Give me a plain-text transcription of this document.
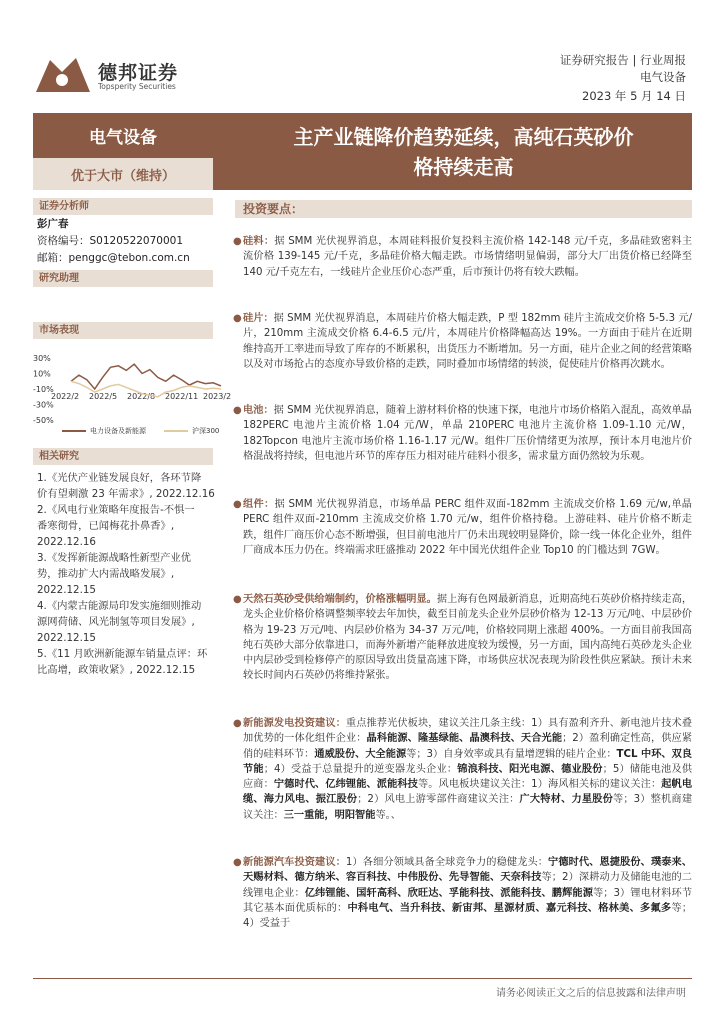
德邦证券
Topsperity Securities
证券研究报告 | 行业周报
电气设备
2023 年 5 月 14 日
电气设备
优于大市（维持）
主产业链降价趋势延续，高纯石英砂价
格持续走高
证券分析师
彭广春
资格编号：S0120522070001
邮箱：penggc@tebon.com.cn
研究助理
市场表现
30%
10%
-10%
-30%
-50%
2022/2 2022/5 2022/8 2022/11 2023/2
电力设备及新能源	沪深300
相关研究
1.《光伏产业链发展良好，各环节降
价有望刺激 23 年需求》, 2022.12.16
2.《风电行业策略年度报告-不惧一
番寒彻骨，已闻梅花扑鼻香》,
2022.12.16
3.《发挥新能源战略性新型产业优
势，推动扩大内需战略发展》,
2022.12.15
4.《内蒙古能源局印发实施细则推动
源网荷储、风光制氢等项目发展》,
2022.12.15
5.《11 月欧洲新能源车销量点评：环
比高增，政策收紧》, 2022.12.15
投资要点：
● 硅料：据 SMM 光伏视界消息，本周硅料报价复投料主流价格 142-148 元/千克，多晶硅致密料主流价格 139-145 元/千克，多晶硅价格大幅走跌。市场情绪明显偏弱，部分大厂出货价格已经降至 140 元/千克左右，一线硅片企业压价心态严重，后市预计仍将有较大跌幅。
● 硅片：据 SMM 光伏视界消息，本周硅片价格大幅走跌，P 型 182mm 硅片主流成交价格 5-5.3 元/片，210mm 主流成交价格 6.4-6.5 元/片，本周硅片价格降幅高达 19%。一方面由于硅片在近期维持高开工率进而导致了库存的不断累积，出货压力不断增加。另一方面，硅片企业之间的经营策略以及对市场抢占的态度亦导致价格的走跌，同时叠加市场情绪的转淡，促使硅片价格再次跳水。
● 电池：据 SMM 光伏视界消息，随着上游材料价格的快速下探，电池片市场价格陷入混乱，高效单晶 182PERC 电池片主流价格 1.04 元/W，单晶 210PERC 电池片主流价格 1.09-1.10 元/W，182Topcon 电池片主流市场价格 1.16-1.17 元/W。组件厂压价情绪更为浓厚，预计本月电池片价格混战将持续，但电池片环节的库存压力相对硅片硅料小很多，需求量方面仍然较为乐观。
● 组件：据 SMM 光伏视界消息，市场单晶 PERC 组件双面-182mm 主流成交价格 1.69 元/w,单晶 PERC 组件双面-210mm 主流成交价格 1.70 元/w，组件价格持稳。上游硅料、硅片价格不断走跌，组件厂商压价心态不断增强，但目前电池片厂仍未出现较明显降价，除一线一体化企业外，组件厂商成本压力仍在。终端需求旺盛推动 2022 年中国光伏组件企业 Top10 的门槛达到 7GW。
● 天然石英砂受供给端制约，价格涨幅明显。据上海有色网最新消息，近期高纯石英砂价格持续走高，龙头企业价格价格调整频率较去年加快，截至目前龙头企业外层砂价格为 12-13 万元/吨、中层砂价格为 19-23 万元/吨、内层砂价格为 34-37 万元/吨，价格较同期上涨超 400%。一方面目前我国高纯石英砂大部分依靠进口，而海外新增产能释放进度较为缓慢，另一方面，国内高纯石英砂龙头企业中内层砂受到检修停产的原因导致出货量高速下降，市场供应状况表现为阶段性供应紧缺。预计未来较长时间内石英砂仍将维持紧张。
● 新能源发电投资建议：重点推荐光伏板块，建议关注几条主线：1）具有盈利齐升、新电池片技术叠加优势的一体化组件企业：晶科能源、隆基绿能、晶澳科技、天合光能；2）盈利确定性高，供应紧俏的硅料环节：通威股份、大全能源等；3）自身效率或具有量增逻辑的硅片企业：TCL 中环、双良节能；4）受益于总量提升的逆变器龙头企业：锦浪科技、阳光电源、德业股份；5）储能电池及供应商：宁德时代、亿纬锂能、派能科技等。风电板块建议关注：1）海风相关标的建议关注：起帆电缆、海力风电、振江股份；2）风电上游零部件商建议关注：广大特材、力星股份等；3）整机商建议关注：三一重能，明阳智能等。、
● 新能源汽车投资建议：1）各细分领域具备全球竞争力的稳健龙头：宁德时代、恩捷股份、璞泰来、天赐材料、德方纳米、容百科技、中伟股份、先导智能、天奈科技等；2）深耕动力及储能电池的二线锂电企业：亿纬锂能、国轩高科、欣旺达、孚能科技、派能科技、鹏辉能源等；3）锂电材料环节其它基本面优质标的：中科电气、当升科技、新宙邦、星源材质、嘉元科技、格林美、多氟多等；4）受益于
请务必阅读正文之后的信息披露和法律声明
